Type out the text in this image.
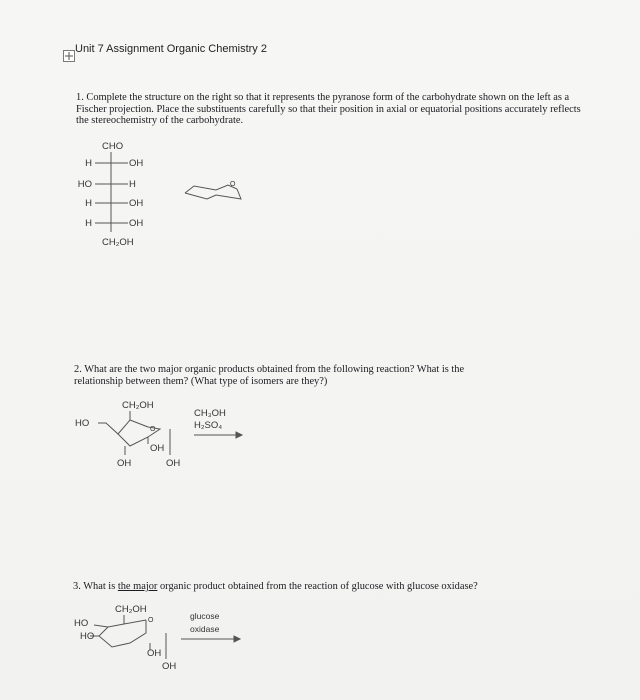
Unit 7 Assignment Organic Chemistry 2
1. Complete the structure on the right so that it represents the pyranose form of the carbohydrate shown on the left as a
Fischer projection. Place the substituents carefully so that their position in axial or equatorial positions accurately reflects
the stereochemistry of the carbohydrate.
CHO
H	OH
HO	H
H	OH
H	OH
CH₂OH
O
CH₂OH
O
HO
OH
OH	OH
CH₃OH
H₂SO₄
CH₂OH
O
HO
HO
OH
OH
glucose
oxidase
2. What are the two major organic products obtained from the following reaction? What is the
relationship between them? (What type of isomers are they?)
3. What is the major organic product obtained from the reaction of glucose with glucose oxidase?
